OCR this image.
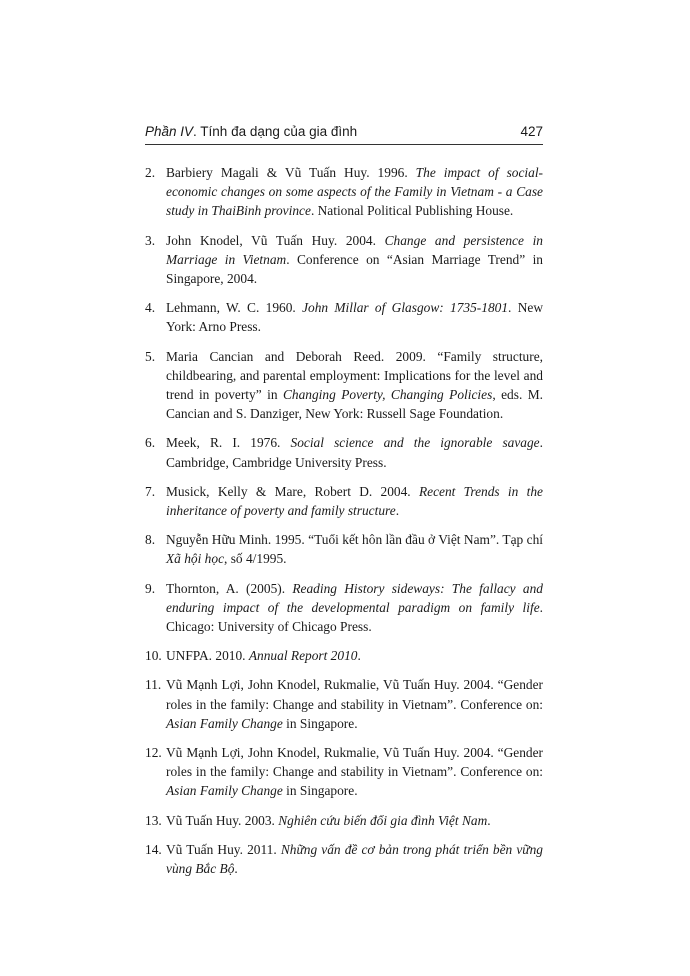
Phần IV. Tính đa dạng của gia đình	427
2. Barbiery Magali & Vũ Tuấn Huy. 1996. The impact of social-economic changes on some aspects of the Family in Vietnam - a Case study in ThaiBinh province. National Political Publishing House.
3. John Knodel, Vũ Tuấn Huy. 2004. Change and persistence in Marriage in Vietnam. Conference on “Asian Marriage Trend” in Singapore, 2004.
4. Lehmann, W. C. 1960. John Millar of Glasgow: 1735-1801. New York: Arno Press.
5. Maria Cancian and Deborah Reed. 2009. “Family structure, childbearing, and parental employment: Implications for the level and trend in poverty” in Changing Poverty, Changing Policies, eds. M. Cancian and S. Danziger, New York: Russell Sage Foundation.
6. Meek, R. I. 1976. Social science and the ignorable savage. Cambridge, Cambridge University Press.
7. Musick, Kelly & Mare, Robert D. 2004. Recent Trends in the inheritance of poverty and family structure.
8. Nguyễn Hữu Minh. 1995. “Tuổi kết hôn lần đầu ở Việt Nam”. Tạp chí Xã hội học, số 4/1995.
9. Thornton, A. (2005). Reading History sideways: The fallacy and enduring impact of the developmental paradigm on family life. Chicago: University of Chicago Press.
10. UNFPA. 2010. Annual Report 2010.
11. Vũ Mạnh Lợi, John Knodel, Rukmalie, Vũ Tuấn Huy. 2004. “Gender roles in the family: Change and stability in Vietnam”. Conference on: Asian Family Change in Singapore.
12. Vũ Mạnh Lợi, John Knodel, Rukmalie, Vũ Tuấn Huy. 2004. “Gender roles in the family: Change and stability in Vietnam”. Conference on: Asian Family Change in Singapore.
13. Vũ Tuấn Huy. 2003. Nghiên cứu biến đổi gia đình Việt Nam.
14. Vũ Tuấn Huy. 2011. Những vấn đề cơ bản trong phát triển bền vững vùng Bắc Bộ.
